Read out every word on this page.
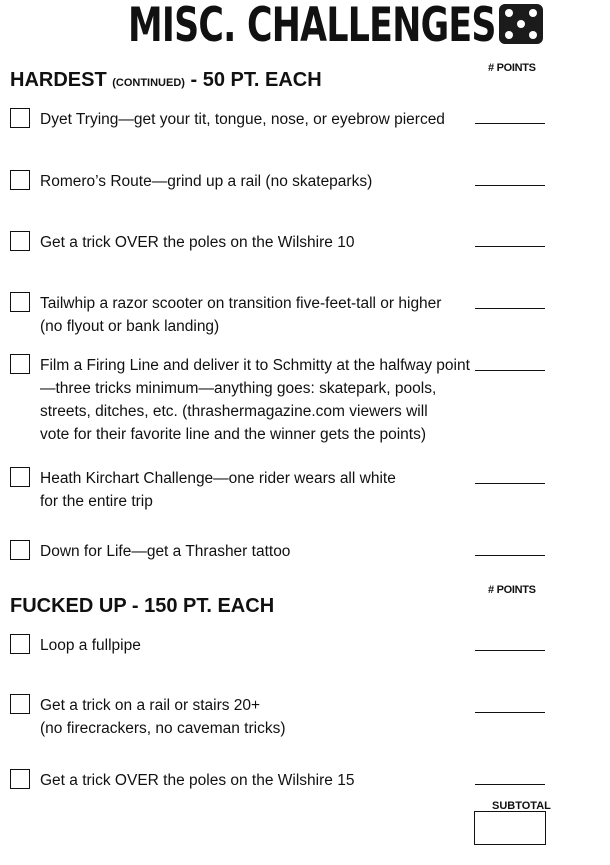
MISC. CHALLENGES
HARDEST (CONTINUED) - 50 PT. EACH
# POINTS
Dyet Trying—get your tit, tongue, nose, or eyebrow pierced
Romero’s Route—grind up a rail (no skateparks)
Get a trick OVER the poles on the Wilshire 10
Tailwhip a razor scooter on transition five-feet-tall or higher
(no flyout or bank landing)
Film a Firing Line and deliver it to Schmitty at the halfway point
—three tricks minimum—anything goes: skatepark, pools,
streets, ditches, etc. (thrashermagazine.com viewers will
vote for their favorite line and the winner gets the points)
Heath Kirchart Challenge—one rider wears all white
for the entire trip
Down for Life—get a Thrasher tattoo
FUCKED UP - 150 PT. EACH
# POINTS
Loop a fullpipe
Get a trick on a rail or stairs 20+
(no firecrackers, no caveman tricks)
Get a trick OVER the poles on the Wilshire 15
SUBTOTAL
